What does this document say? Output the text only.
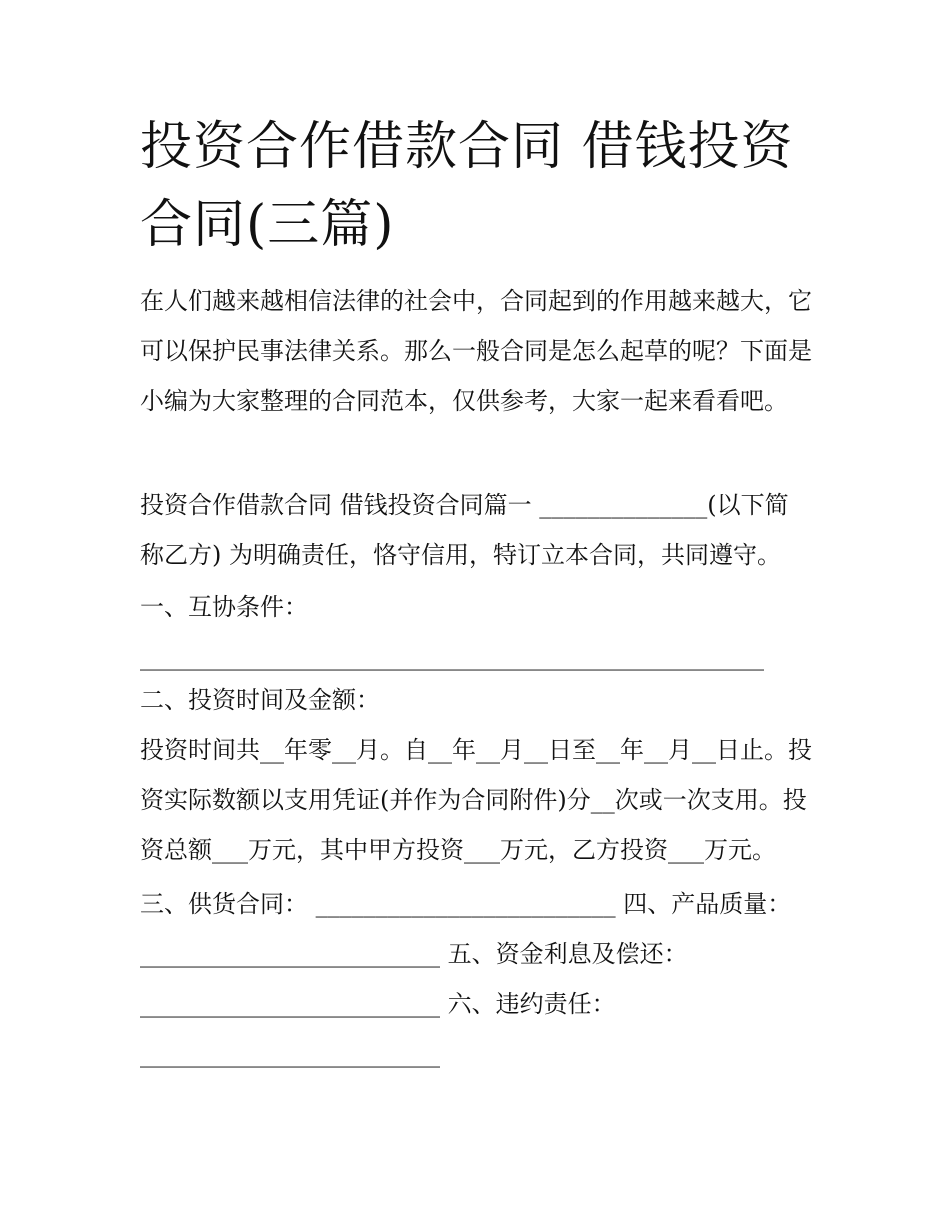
投资合作借款合同 借钱投资合同(三篇)

在人们越来越相信法律的社会中，合同起到的作用越来越大，它可以保护民事法律关系。那么一般合同是怎么起草的呢？下面是小编为大家整理的合同范本，仅供参考，大家一起来看看吧。

投资合作借款合同 借钱投资合同篇一 ______________(以下简称乙方) 为明确责任，恪守信用，特订立本合同，共同遵守。

一、互协条件：
____________________________________________________

二、投资时间及金额：
投资时间共__年零__月。自__年__月__日至__年__月__日止。投资实际数额以支用凭证(并作为合同附件)分__次或一次支用。投资总额___万元，其中甲方投资___万元，乙方投资___万元。

三、供货合同： _________________________ 四、产品质量：
_________________________ 五、资金利息及偿还：
_________________________ 六、违约责任：
_________________________
